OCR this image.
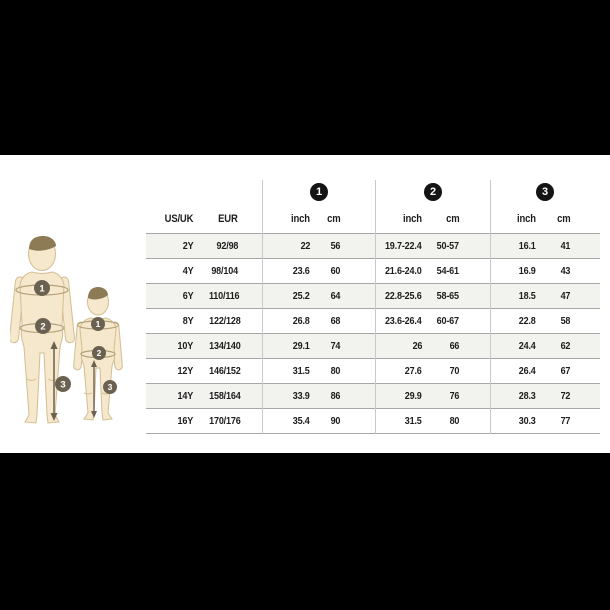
1
2
3
1
2
3
1	2	3
US/UK	EUR	inch	cm	inch	cm	inch	cm
2Y	92/98	22	56	19.7-22.4	50-57	16.1	41
4Y	98/104	23.6	60	21.6-24.0	54-61	16.9	43
6Y	110/116	25.2	64	22.8-25.6	58-65	18.5	47
8Y	122/128	26.8	68	23.6-26.4	60-67	22.8	58
10Y	134/140	29.1	74	26	66	24.4	62
12Y	146/152	31.5	80	27.6	70	26.4	67
14Y	158/164	33.9	86	29.9	76	28.3	72
16Y	170/176	35.4	90	31.5	80	30.3	77
